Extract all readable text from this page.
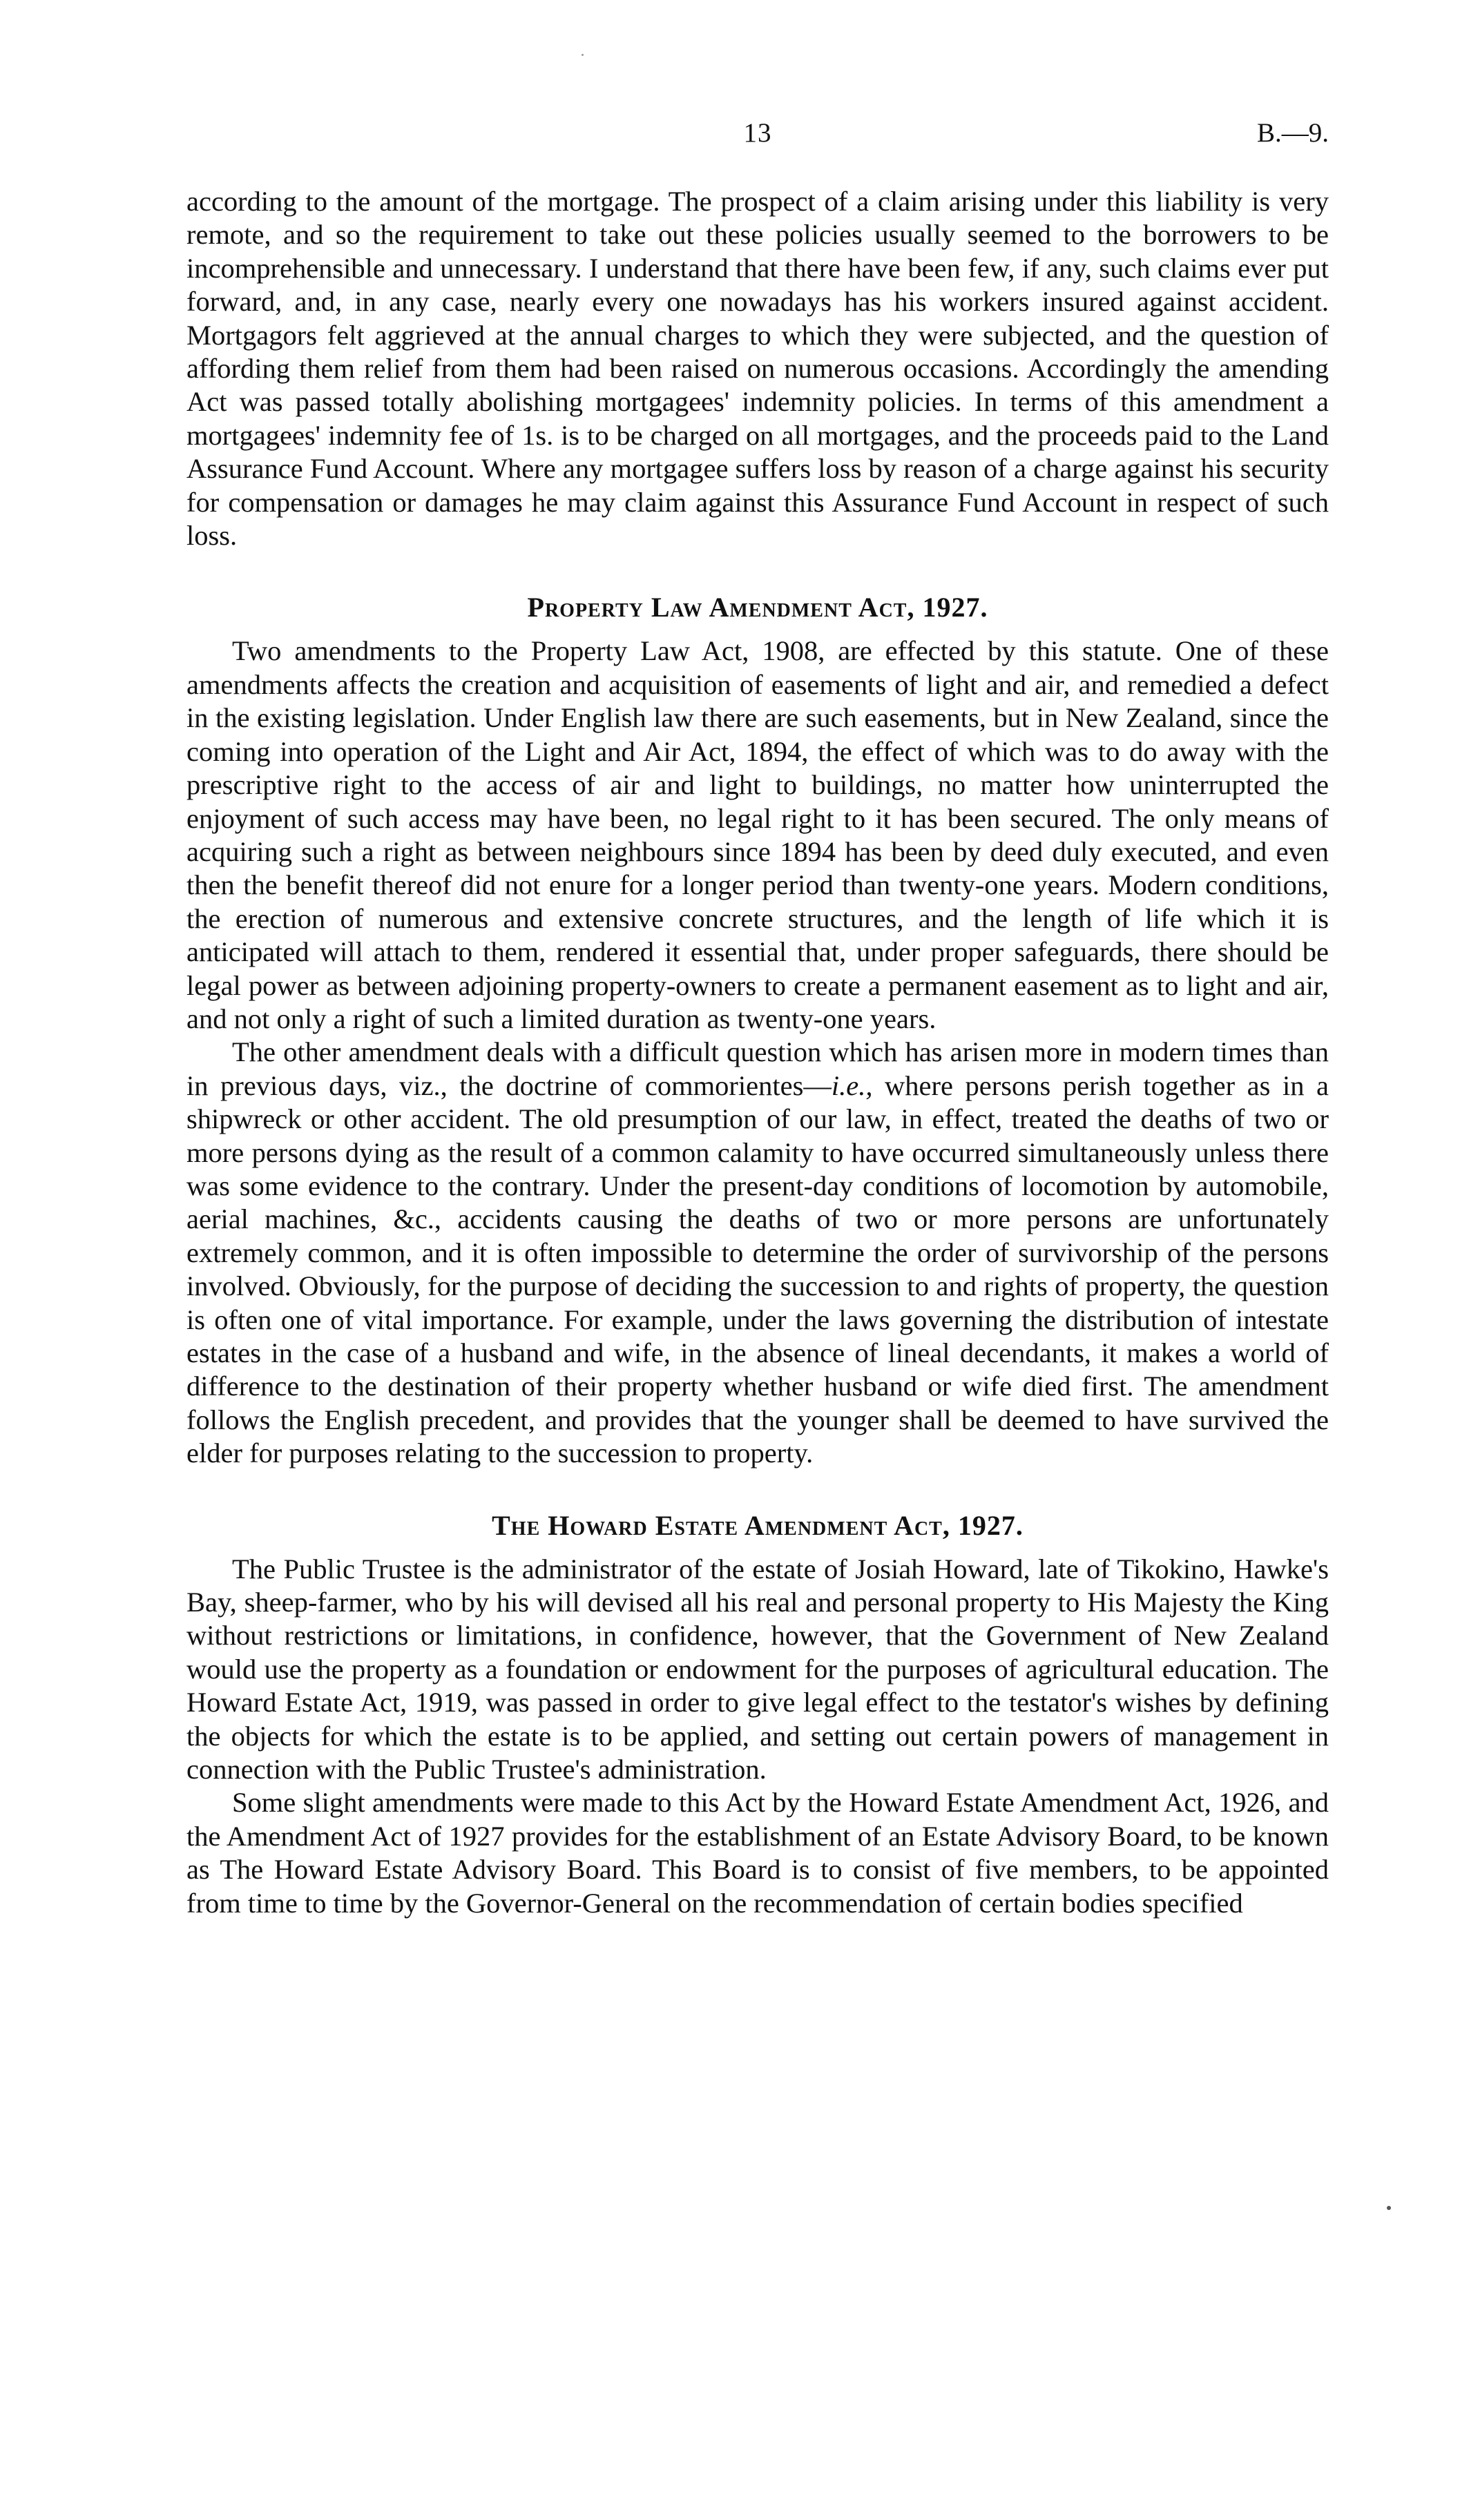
13	B.—9.

according to the amount of the mortgage. The prospect of a claim arising under this liability is very remote, and so the requirement to take out these policies usually seemed to the borrowers to be incomprehensible and unnecessary. I understand that there have been few, if any, such claims ever put forward, and, in any case, nearly every one nowadays has his workers insured against accident. Mortgagors felt aggrieved at the annual charges to which they were subjected, and the question of affording them relief from them had been raised on numerous occasions. Accordingly the amending Act was passed totally abolishing mortgagees' indemnity policies. In terms of this amendment a mortgagees' indemnity fee of 1s. is to be charged on all mortgages, and the proceeds paid to the Land Assurance Fund Account. Where any mortgagee suffers loss by reason of a charge against his security for compensation or damages he may claim against this Assurance Fund Account in respect of such loss.

Property Law Amendment Act, 1927.

Two amendments to the Property Law Act, 1908, are effected by this statute. One of these amendments affects the creation and acquisition of easements of light and air, and remedied a defect in the existing legislation. Under English law there are such easements, but in New Zealand, since the coming into operation of the Light and Air Act, 1894, the effect of which was to do away with the prescriptive right to the access of air and light to buildings, no matter how uninterrupted the enjoyment of such access may have been, no legal right to it has been secured. The only means of acquiring such a right as between neighbours since 1894 has been by deed duly executed, and even then the benefit thereof did not enure for a longer period than twenty-one years. Modern conditions, the erection of numerous and extensive concrete structures, and the length of life which it is anticipated will attach to them, rendered it essential that, under proper safeguards, there should be legal power as between adjoining property-owners to create a permanent easement as to light and air, and not only a right of such a limited duration as twenty-one years.

The other amendment deals with a difficult question which has arisen more in modern times than in previous days, viz., the doctrine of commorientes—i.e., where persons perish together as in a shipwreck or other accident. The old presumption of our law, in effect, treated the deaths of two or more persons dying as the result of a common calamity to have occurred simultaneously unless there was some evidence to the contrary. Under the present-day conditions of locomotion by automobile, aerial machines, &c., accidents causing the deaths of two or more persons are unfortunately extremely common, and it is often impossible to determine the order of survivorship of the persons involved. Obviously, for the purpose of deciding the succession to and rights of property, the question is often one of vital importance. For example, under the laws governing the distribution of intestate estates in the case of a husband and wife, in the absence of lineal decendants, it makes a world of difference to the destination of their property whether husband or wife died first. The amendment follows the English precedent, and provides that the younger shall be deemed to have survived the elder for purposes relating to the succession to property.

The Howard Estate Amendment Act, 1927.

The Public Trustee is the administrator of the estate of Josiah Howard, late of Tikokino, Hawke's Bay, sheep-farmer, who by his will devised all his real and personal property to His Majesty the King without restrictions or limitations, in confidence, however, that the Government of New Zealand would use the property as a foundation or endowment for the purposes of agricultural education. The Howard Estate Act, 1919, was passed in order to give legal effect to the testator's wishes by defining the objects for which the estate is to be applied, and setting out certain powers of management in connection with the Public Trustee's administration.

Some slight amendments were made to this Act by the Howard Estate Amendment Act, 1926, and the Amendment Act of 1927 provides for the establishment of an Estate Advisory Board, to be known as The Howard Estate Advisory Board. This Board is to consist of five members, to be appointed from time to time by the Governor-General on the recommendation of certain bodies specified
